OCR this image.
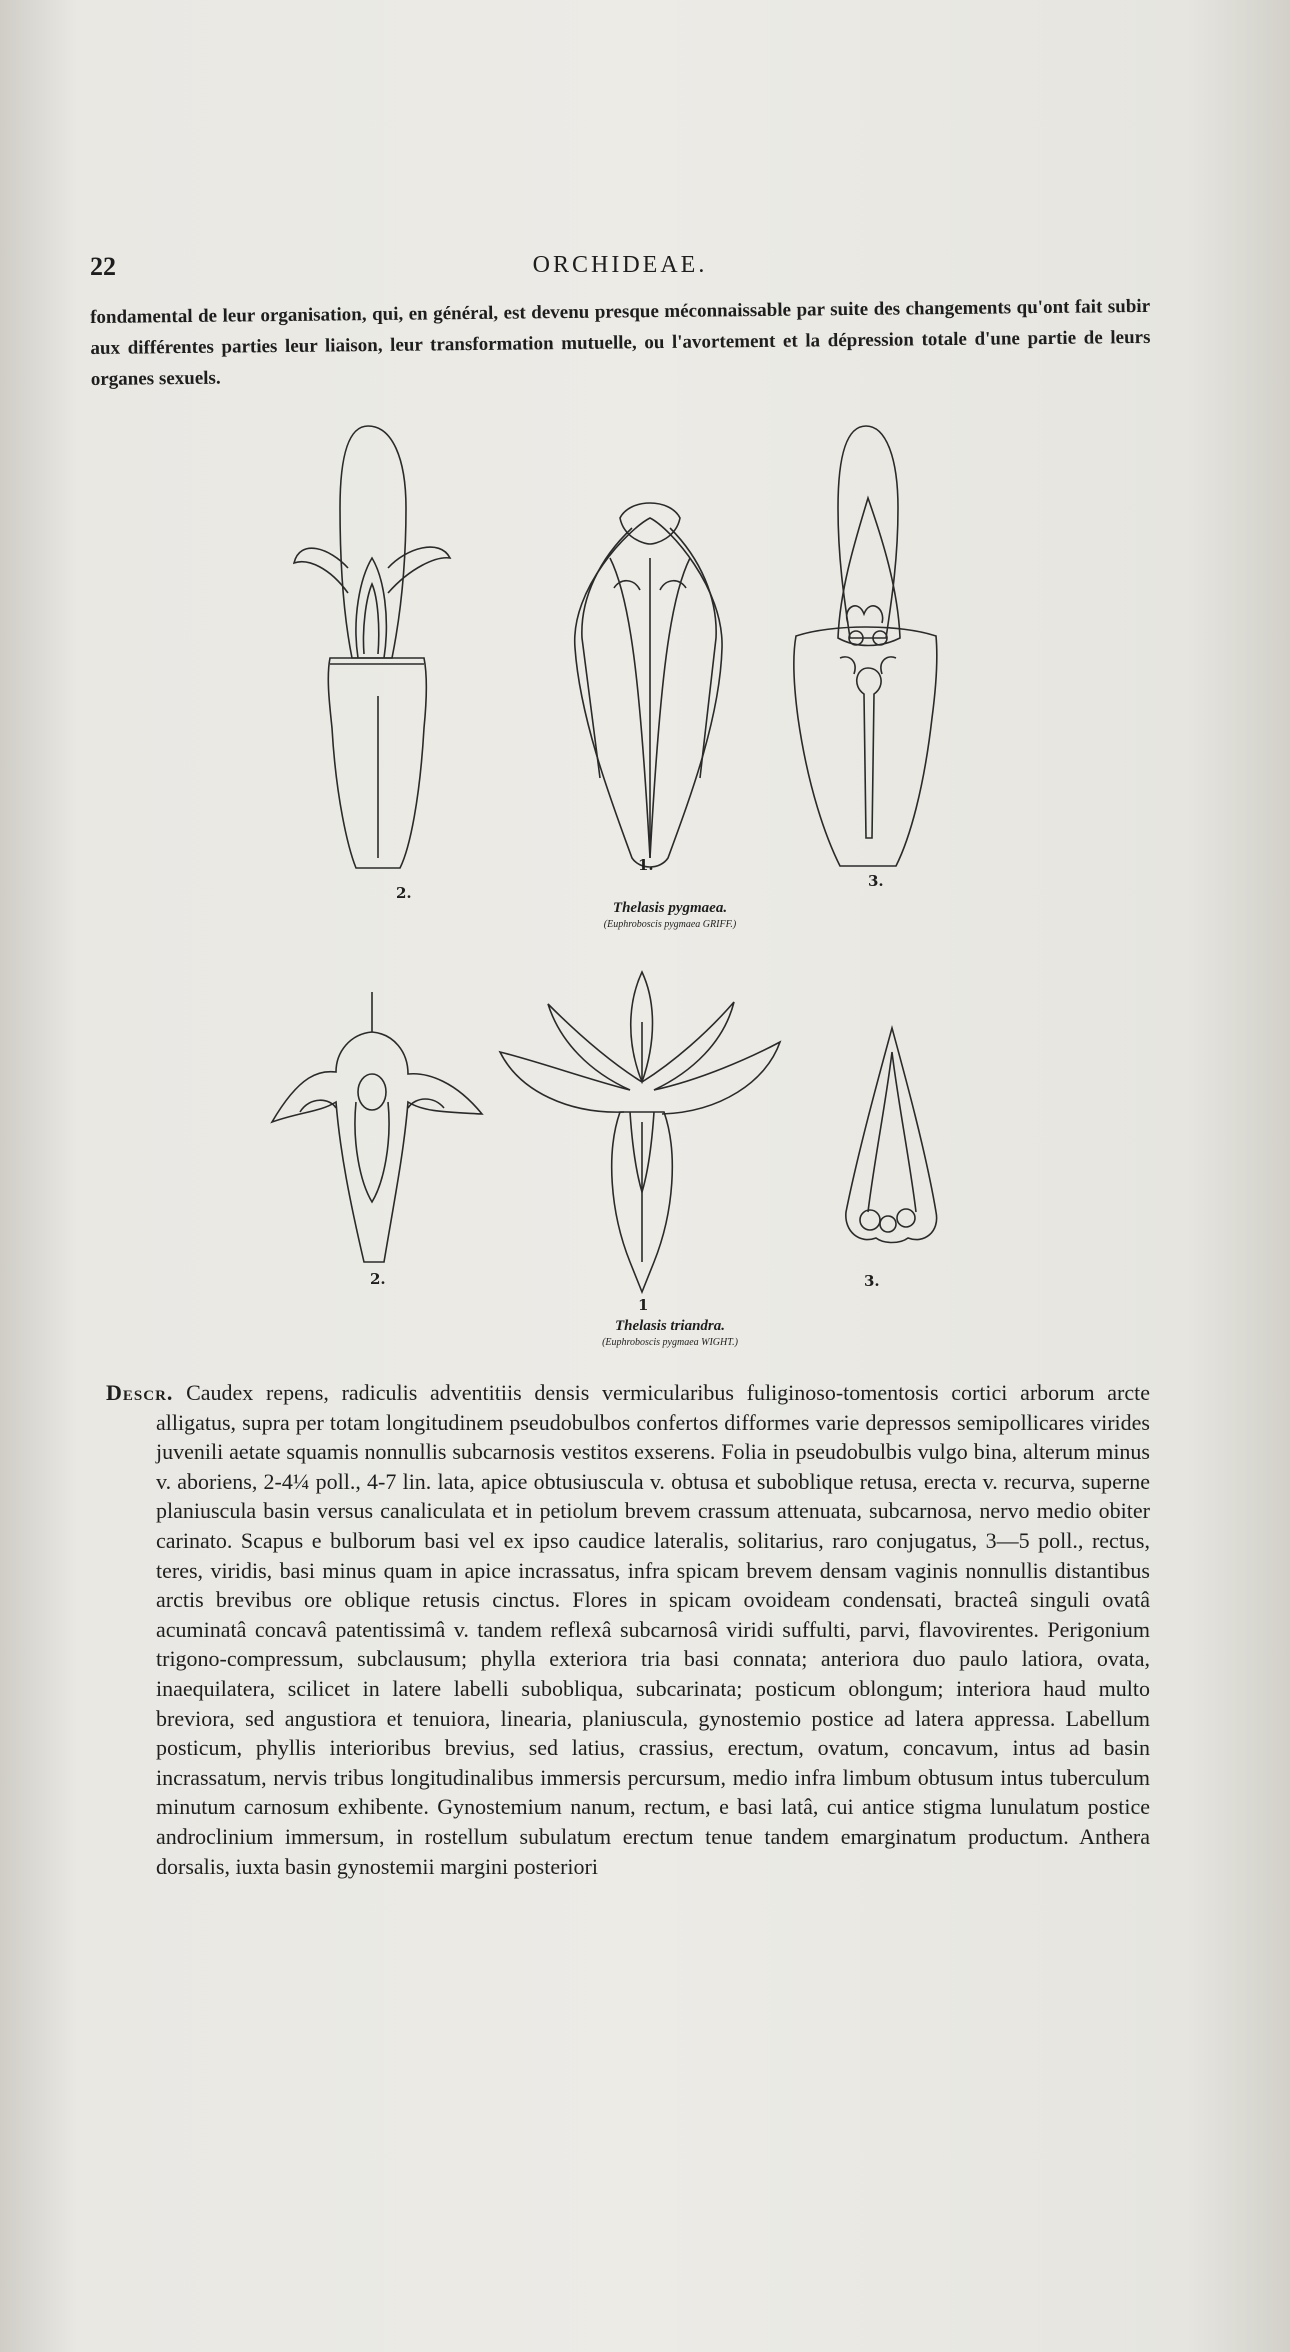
22	ORCHIDEAE.

fondamental de leur organisation, qui, en général, est devenu presque méconnaissable par suite des changements qu'ont fait subir aux différentes parties leur liaison, leur transformation mutuelle, ou l'avortement et la dépression totale d'une partie de leurs organes sexuels.

2.
1.
3.
Thelasis pygmaea.
(Euphroboscis pygmaea GRIFF.)
2.
1
3.
Thelasis triandra.
(Euphroboscis pygmaea WIGHT.)

Descr. Caudex repens, radiculis adventitiis densis vermicularibus fuliginoso-tomentosis cortici arborum arcte alligatus, supra per totam longitudinem pseudobulbos confertos difformes varie depressos semipollicares virides juvenili aetate squamis nonnullis subcarnosis vestitos exserens. Folia in pseudobulbis vulgo bina, alterum minus v. aboriens, 2-4¼ poll., 4-7 lin. lata, apice obtusiuscula v. obtusa et suboblique retusa, erecta v. recurva, superne planiuscula basin versus canaliculata et in petiolum brevem crassum attenuata, subcarnosa, nervo medio obiter carinato. Scapus e bulborum basi vel ex ipso caudice lateralis, solitarius, raro conjugatus, 3—5 poll., rectus, teres, viridis, basi minus quam in apice incrassatus, infra spicam brevem densam vaginis nonnullis distantibus arctis brevibus ore oblique retusis cinctus. Flores in spicam ovoideam condensati, bracteâ singuli ovatâ acuminatâ concavâ patentissimâ v. tandem reflexâ subcarnosâ viridi suffulti, parvi, flavovirentes. Perigonium trigono-compressum, subclausum; phylla exteriora tria basi connata; anteriora duo paulo latiora, ovata, inaequilatera, scilicet in latere labelli subobliqua, subcarinata; posticum oblongum; interiora haud multo breviora, sed angustiora et tenuiora, linearia, planiuscula, gynostemio postice ad latera appressa. Labellum posticum, phyllis interioribus brevius, sed latius, crassius, erectum, ovatum, concavum, intus ad basin incrassatum, nervis tribus longitudinalibus immersis percursum, medio infra limbum obtusum intus tuberculum minutum carnosum exhibente. Gynostemium nanum, rectum, e basi latâ, cui antice stigma lunulatum postice androclinium immersum, in rostellum subulatum erectum tenue tandem emarginatum productum. Anthera dorsalis, iuxta basin gynostemii margini posteriori
